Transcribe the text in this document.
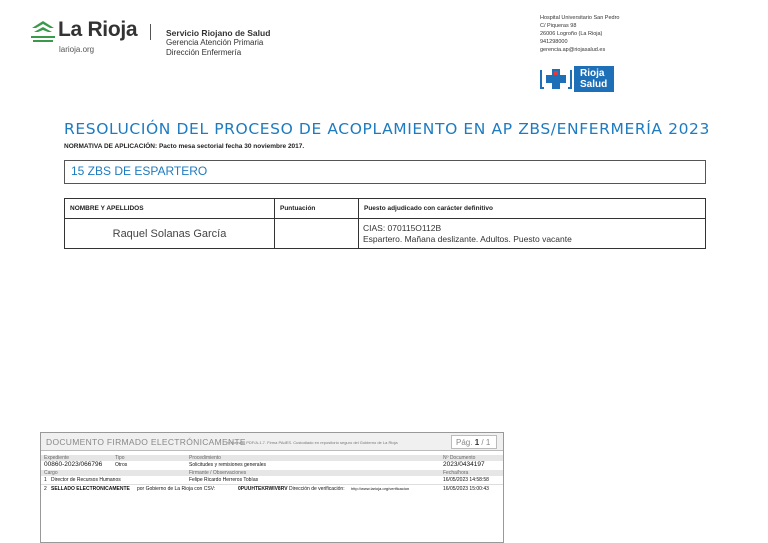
La Rioja
larioja.org
Servicio Riojano de Salud
Gerencia Atención Primaria
Dirección Enfermería
Hospital Universitario San Pedro
C/ Piqueras 98
26006 Logroño (La Rioja)
941298000
gerencia.ap@riojasalud.es
Rioja
Salud
RESOLUCIÓN DEL PROCESO DE ACOPLAMIENTO EN AP ZBS/ENFERMERÍA 2023
NORMATIVA DE APLICACIÓN: Pacto mesa sectorial fecha 30 noviembre 2017.
15 ZBS DE ESPARTERO
NOMBRE Y APELLIDOS	Puntuación	Puesto adjudicado con carácter definitivo
Raquel Solanas García		CIAS: 070115O112B
Espartero. Mañana deslizante. Adultos. Puesto vacante
DOCUMENTO FIRMADO ELECTRÓNICAMENTE
en formato PDF/A-1.7. Firma PAdES. Custodiado en repositorio seguro del Gobierno de La Rioja	Pág. 1 / 1
Expediente	Tipo	Procedimiento	Nº Documento
00860-2023/066796	Otros	Solicitudes y remisiones generales	2023/0434197
Cargo	Firmante / Observaciones	Fecha/hora
1 Director de Recursos Humanos	Felipe Ricardo Herreros Tobías	16/05/2023 14:58:58
2 SELLADO ELECTRONICAMENTE por Gobierno de La Rioja con CSV:	0PUUHTEKRWIV8RV Dirección de verificación: http://www.larioja.org/verificacion	16/05/2023 15:00:43
